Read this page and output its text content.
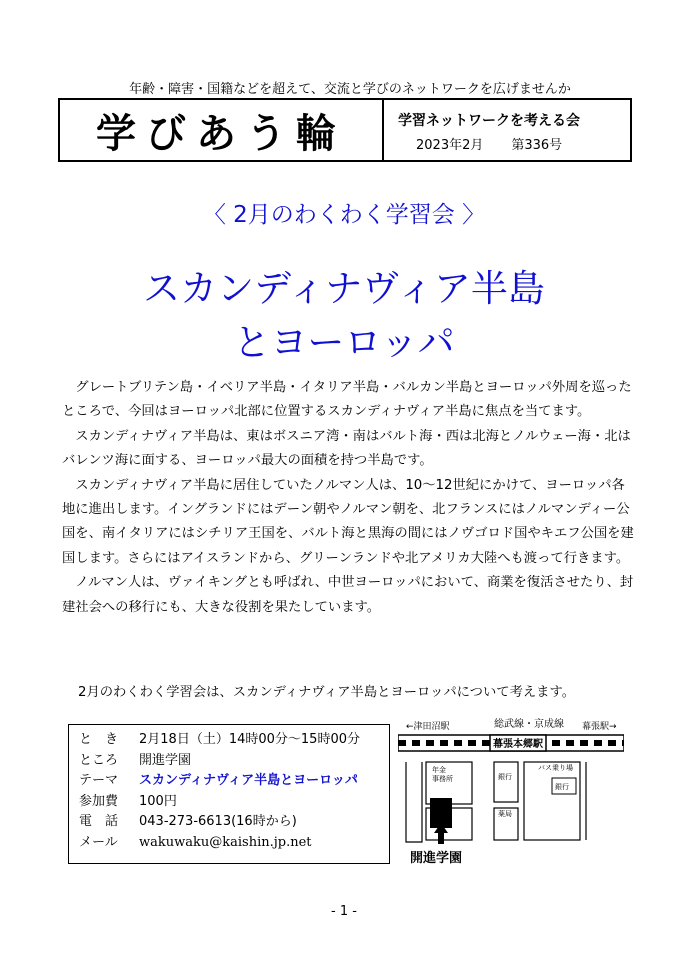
年齢・障害・国籍などを超えて、交流と学びのネットワークを広げませんか
学びあう輪	学習ネットワークを考える会
2023年2月 第336号
〈 2月のわくわく学習会 〉
スカンディナヴィア半島
とヨーロッパ

グレートブリテン島・イベリア半島・イタリア半島・バルカン半島とヨーロッパ外周を巡ったところで、今回はヨーロッパ北部に位置するスカンディナヴィア半島に焦点を当てます。

スカンディナヴィア半島は、東はボスニア湾・南はバルト海・西は北海とノルウェー海・北はバレンツ海に面する、ヨーロッパ最大の面積を持つ半島です。

スカンディナヴィア半島に居住していたノルマン人は、10～12世紀にかけて、ヨーロッパ各地に進出します。イングランドにはデーン朝やノルマン朝を、北フランスにはノルマンディー公国を、南イタリアにはシチリア王国を、バルト海と黒海の間にはノヴゴロド国やキエフ公国を建国します。さらにはアイスランドから、グリーンランドや北アメリカ大陸へも渡って行きます。

ノルマン人は、ヴァイキングとも呼ばれ、中世ヨーロッパにおいて、商業を復活させたり、封建社会への移行にも、大きな役割を果たしています。

2月のわくわく学習会は、スカンディナヴィア半島とヨーロッパについて考えます。
と　き	2月18日（土）14時00分～15時00分
ところ	開進学園
テーマ	スカンディナヴィア半島とヨーロッパ
参加費	100円
電　話	043-273-6613(16時から)
メール	wakuwaku@kaishin.jp.net
←津田沼駅	総武線・京成線 幕張駅→
幕張本郷駅
年金
事務所	銀行
薬局
バス乗り場
銀行
開進学園
- 1 -
